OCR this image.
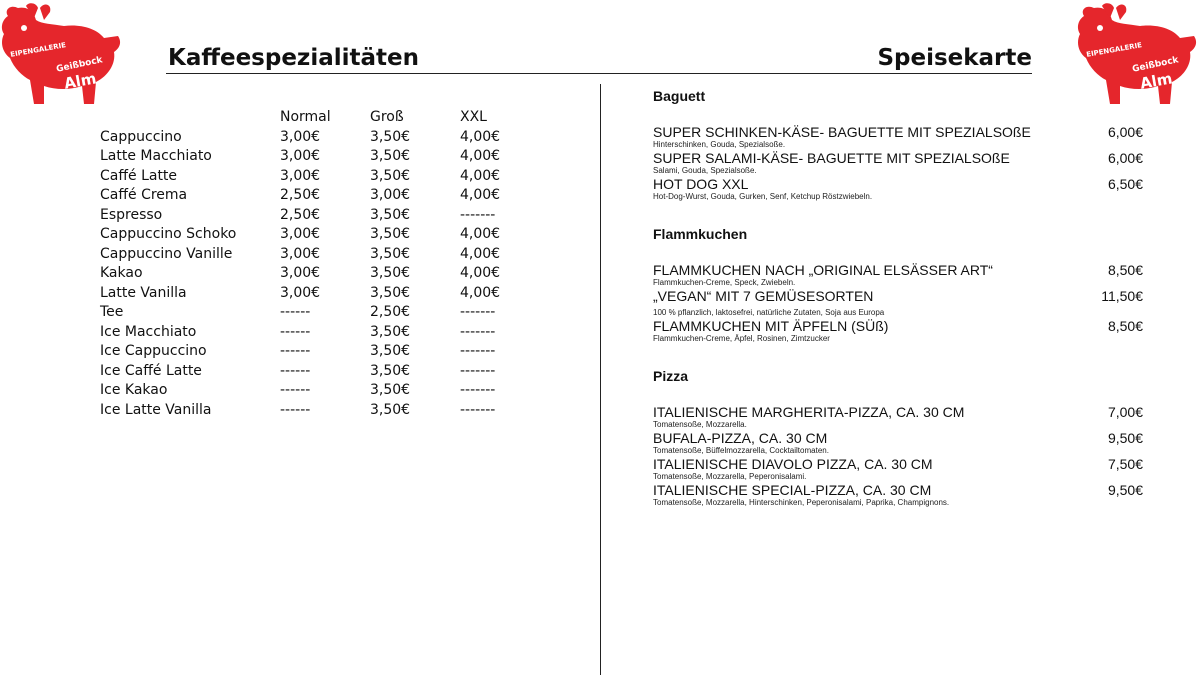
EIPENGALERIE
Geißbock
Alm
EIPENGALERIE
Geißbock
Alm
Kaffeespezialitäten	Speisekarte
Normal	Groß	XXL
Cappuccino	3,00€	3,50€	4,00€
Latte Macchiato	3,00€	3,50€	4,00€
Caffé Latte	3,00€	3,50€	4,00€
Caffé Crema	2,50€	3,00€	4,00€
Espresso	2,50€	3,50€	-------
Cappuccino Schoko	3,00€	3,50€	4,00€
Cappuccino Vanille	3,00€	3,50€	4,00€
Kakao	3,00€	3,50€	4,00€
Latte Vanilla	3,00€	3,50€	4,00€
Tee	------	2,50€	-------
Ice Macchiato	------	3,50€	-------
Ice Cappuccino	------	3,50€	-------
Ice Caffé Latte	------	3,50€	-------
Ice Kakao	------	3,50€	-------
Ice Latte Vanilla	------	3,50€	-------
Baguett
SUPER SCHINKEN-KÄSE- BAGUETTE MIT SPEZIALSOßE
Hinterschinken, Gouda, Spezialsoße.
6,00€
SUPER SALAMI-KÄSE- BAGUETTE MIT SPEZIALSOßE
Salami, Gouda, Spezialsoße.
6,00€
HOT DOG XXL
Hot-Dog-Wurst, Gouda, Gurken, Senf, Ketchup Röstzwiebeln.
6,50€
Flammkuchen
FLAMMKUCHEN NACH „ORIGINAL ELSÄSSER ART“
Flammkuchen-Creme, Speck, Zwiebeln.
8,50€
„VEGAN“ MIT 7 GEMÜSESORTEN
100 % pflanzlich, laktosefrei, natürliche Zutaten, Soja aus Europa
11,50€
FLAMMKUCHEN MIT ÄPFELN (SÜß)
Flammkuchen-Creme, Äpfel, Rosinen, Zimtzucker
8,50€
Pizza
ITALIENISCHE MARGHERITA-PIZZA, CA. 30 CM
Tomatensoße, Mozzarella.
7,00€
BUFALA-PIZZA, CA. 30 CM
Tomatensoße, Büffelmozzarella, Cocktailtomaten.
9,50€
ITALIENISCHE DIAVOLO PIZZA, CA. 30 CM
Tomatensoße, Mozzarella, Peperonisalami.
7,50€
ITALIENISCHE SPECIAL-PIZZA, CA. 30 CM
Tomatensoße, Mozzarella, Hinterschinken, Peperonisalami, Paprika, Champignons.
9,50€
